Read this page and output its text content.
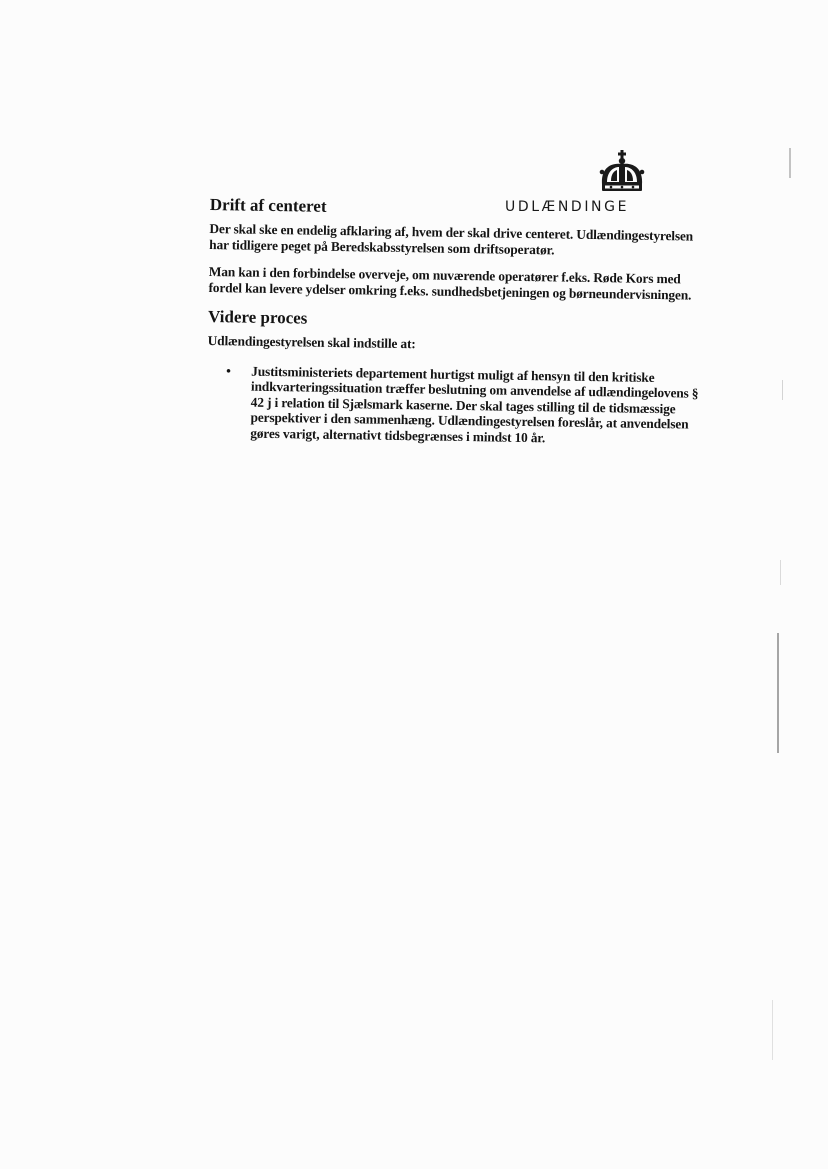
UDLÆNDINGE
Drift af centeret

Der skal ske en endelig afklaring af, hvem der skal drive centeret. Udlændingestyrelsen har tidligere peget på Beredskabsstyrelsen som driftsoperatør.

Man kan i den forbindelse overveje, om nuværende operatører f.eks. Røde Kors med fordel kan levere ydelser omkring f.eks. sundhedsbetjeningen og børneundervisningen.

Videre proces

Udlændingestyrelsen skal indstille at:

• Justitsministeriets departement hurtigst muligt af hensyn til den kritiske indkvarteringssituation træffer beslutning om anvendelse af udlændingelovens § 42 j i relation til Sjælsmark kaserne. Der skal tages stilling til de tidsmæssige perspektiver i den sammenhæng. Udlændingestyrelsen foreslår, at anvendelsen gøres varigt, alternativt tidsbegrænses i mindst 10 år.
